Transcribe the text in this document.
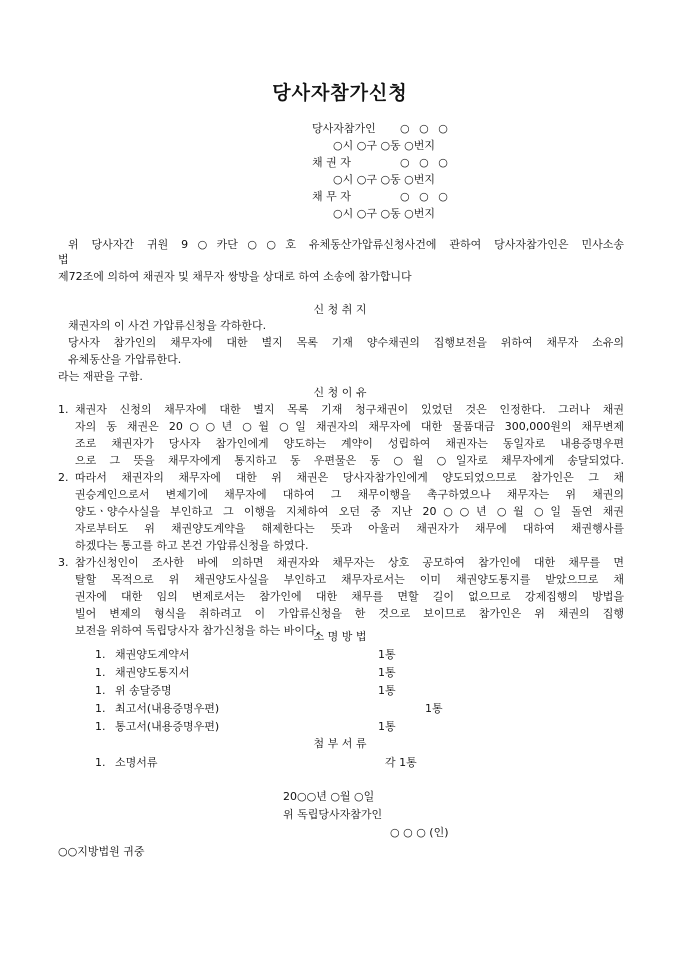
당사자참가신청
당사자참가인 ○ ○ ○
○시 ○구 ○동 ○번지
채 권 자	○ ○ ○
○시 ○구 ○동 ○번지
채 무 자	○ ○ ○
○시 ○구 ○동 ○번지
위 당사자간 귀원 9○카단○○호 유체동산가압류신청사건에 관하여 당사자참가인은 민사소송
법
제72조에 의하여 채권자 및 채무자 쌍방을 상대로 하여 소송에 참가합니다
신 청 취 지
채권자의 이 사건 가압류신청을 각하한다.
당사자 참가인의 채무자에 대한 별지 목록 기재 양수채권의 집행보전을 위하여 채무자 소유의
유체동산을 가압류한다.
라는 재판을 구함.
신 청 이 유
1. 채권자 신청의 채무자에 대한 별지 목록 기재 청구채권이 있었던 것은 인정한다. 그러나 채권
자의 동 채권은 20○○년 ○월 ○일 채권자의 채무자에 대한 물품대금 300,000원의 채무변제
조로 채권자가 당사자 참가인에게 양도하는 계약이 성립하여 채권자는 동일자로 내용증명우편
으로 그 뜻을 채무자에게 통지하고 동 우편물은 동 ○월 ○일자로 채무자에게 송달되었다.
2. 따라서 채권자의 채무자에 대한 위 채권은 당사자참가인에게 양도되었으므로 참가인은 그 채
권승계인으로서 변제기에 채무자에 대하여 그 채무이행을 촉구하였으나 채무자는 위 채권의
양도ㆍ양수사실을 부인하고 그 이행을 지체하여 오던 중 지난 20○○년 ○월 ○일 돌연 채권
자로부터도 위 채권양도계약을 해제한다는 뜻과 아울러 채권자가 채무에 대하여 채권행사를
하겠다는 통고를 하고 본건 가압류신청을 하였다.
3. 참가신청인이 조사한 바에 의하면 채권자와 채무자는 상호 공모하여 참가인에 대한 채무를 면
탈할 목적으로 위 채권양도사실을 부인하고 채무자로서는 이미 채권양도통지를 받았으므로 채
권자에 대한 임의 변제로서는 참가인에 대한 채무를 면할 길이 없으므로 강제집행의 방법을
빌어 변제의 형식을 취하려고 이 가압류신청을 한 것으로 보이므로 참가인은 위 채권의 집행
보전을 위하여 독립당사자 참가신청을 하는 바이다.
소 명 방 법
1. 채권양도계약서	1통
1. 채권양도통지서	1통
1. 위 송달증명	1통
1. 최고서(내용증명우편)	1통
1. 통고서(내용증명우편)	1통
첨 부 서 류
1. 소명서류	각 1통
20○○년 ○월 ○일
위 독립당사자참가인
○ ○ ○ (인)
○○지방법원 귀중
